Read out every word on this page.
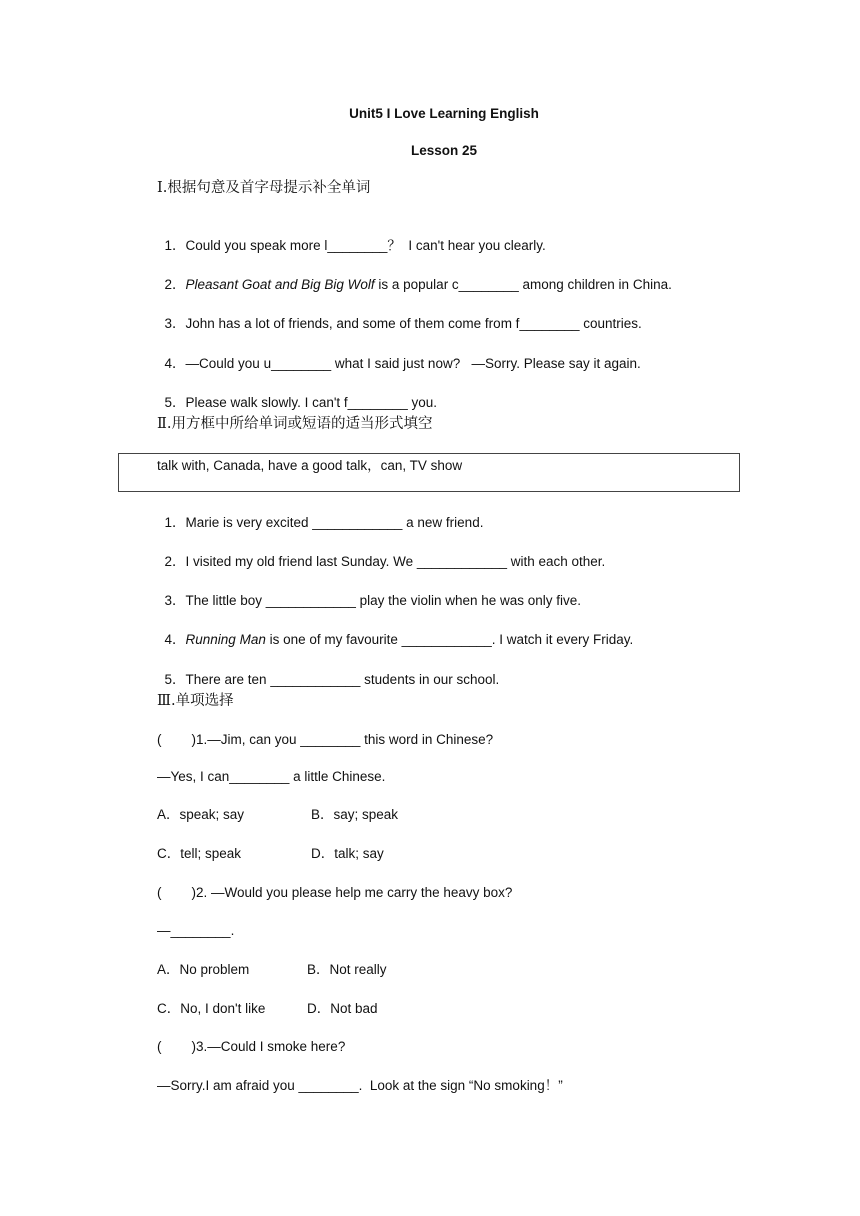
Unit5 I Love Learning English
Lesson 25
Ⅰ.根据句意及首字母提示补全单词

1．Could you speak more l________？  I can't hear you clearly.

2．Pleasant Goat and Big Big Wolf is a popular c________ among children in China.

3．John has a lot of friends, and some of them come from f________ countries.

4．—Could you u________ what I said just now?   —Sorry. Please say it again.

5．Please walk slowly. I can't f________ you.

Ⅱ.用方框中所给单词或短语的适当形式填空
talk with, Canada, have a good talk，can, TV show

1．Marie is very excited ____________ a new friend.

2．I visited my old friend last Sunday. We ____________ with each other.

3．The little boy ____________ play the violin when he was only five.

4．Running Man is one of my favourite ____________. I watch it every Friday.

5．There are ten ____________ students in our school.

Ⅲ.单项选择
(        )1.—Jim, can you ________ this word in Chinese?
—Yes, I can________ a little Chinese.

A．speak; say

	B．say; speak

C．tell; speak

	D．talk; say

(        )2. —Would you please help me carry the heavy box?
—________.

A．No problem

	B．Not really

C．No, I don't like

	D．Not bad

(        )3.—Could I smoke here?
—Sorry.I am afraid you ________.  Look at the sign “No smoking！”
